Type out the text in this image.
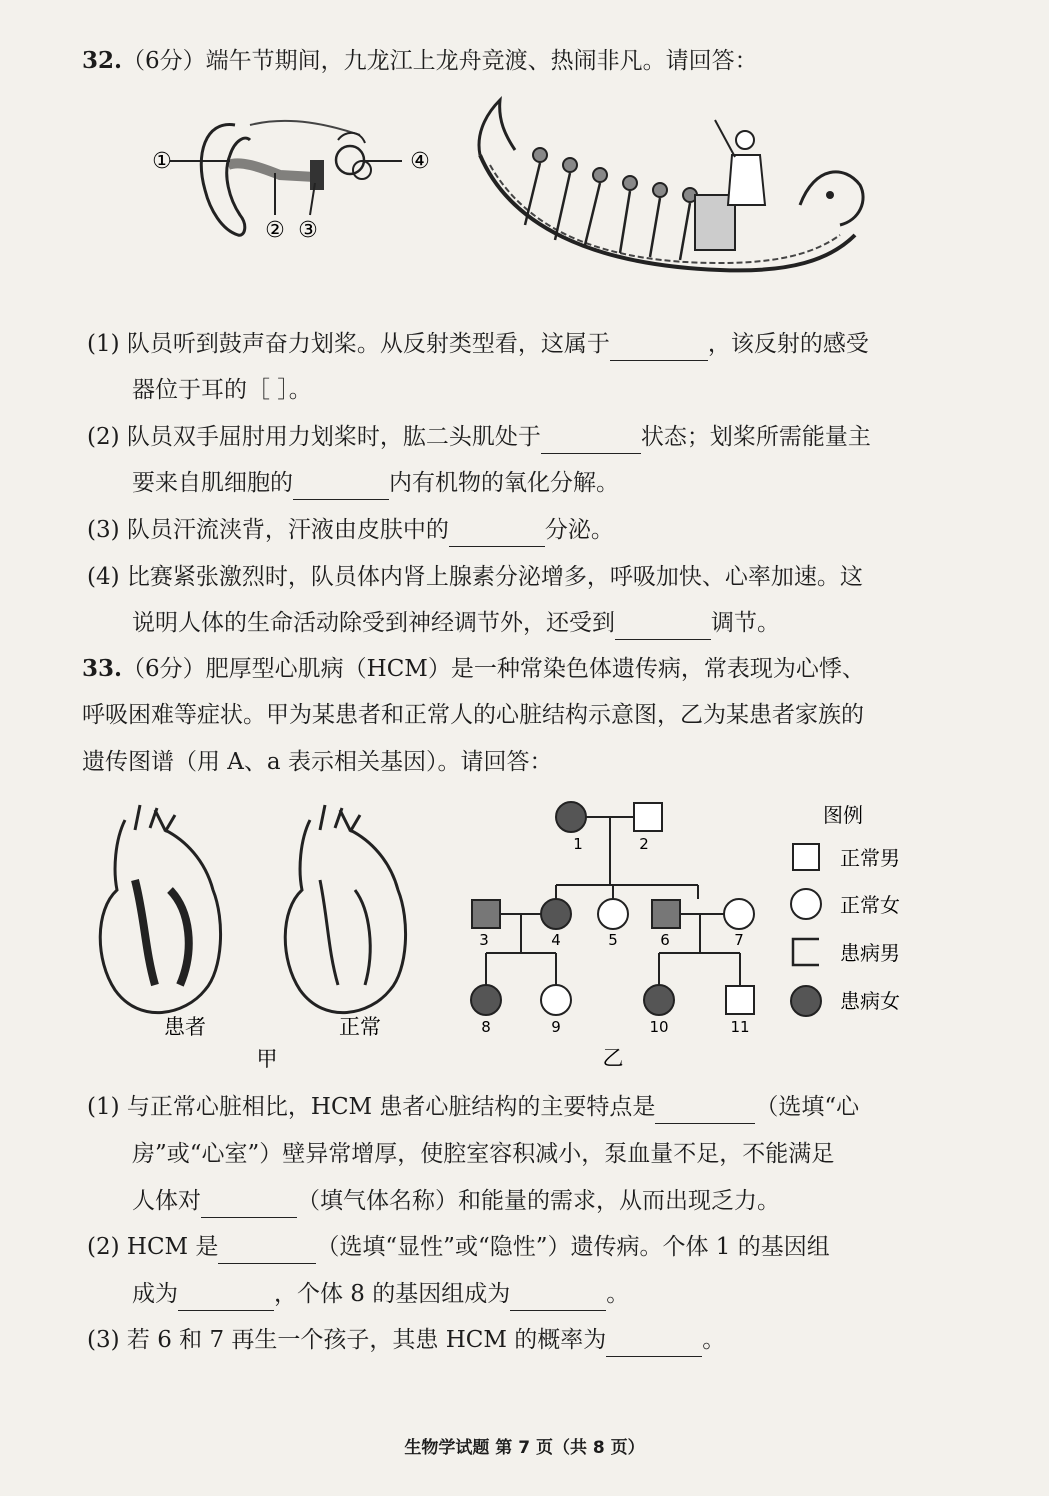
32.（6分）端午节期间，九龙江上龙舟竞渡、热闹非凡。请回答：
①	④
② ③
(1) 队员听到鼓声奋力划桨。从反射类型看，这属于	，该反射的感受
器位于耳的［ ］。
(2) 队员双手屈肘用力划桨时，肱二头肌处于	状态；划桨所需能量主
要来自肌细胞的	内有机物的氧化分解。
(3) 队员汗流浃背，汗液由皮肤中的	分泌。
(4) 比赛紧张激烈时，队员体内肾上腺素分泌增多，呼吸加快、心率加速。这
说明人体的生命活动除受到神经调节外，还受到	调节。
33.（6分）肥厚型心肌病（HCM）是一种常染色体遗传病，常表现为心悸、
呼吸困难等症状。甲为某患者和正常人的心脏结构示意图，乙为某患者家族的
遗传图谱（用 A、a 表示相关基因）。请回答：
患者	正常
甲
1	2
3	4	5	6	7
8	9	10	11
乙
图例
正常男
正常女
患病男
患病女
(1) 与正常心脏相比，HCM 患者心脏结构的主要特点是	（选填“心
房”或“心室”）壁异常增厚，使腔室容积减小，泵血量不足，不能满足
人体对	（填气体名称）和能量的需求，从而出现乏力。
(2) HCM 是	（选填“显性”或“隐性”）遗传病。个体 1 的基因组
成为	，个体 8 的基因组成为	。
(3) 若 6 和 7 再生一个孩子，其患 HCM 的概率为	。
生物学试题 第 7 页（共 8 页）
